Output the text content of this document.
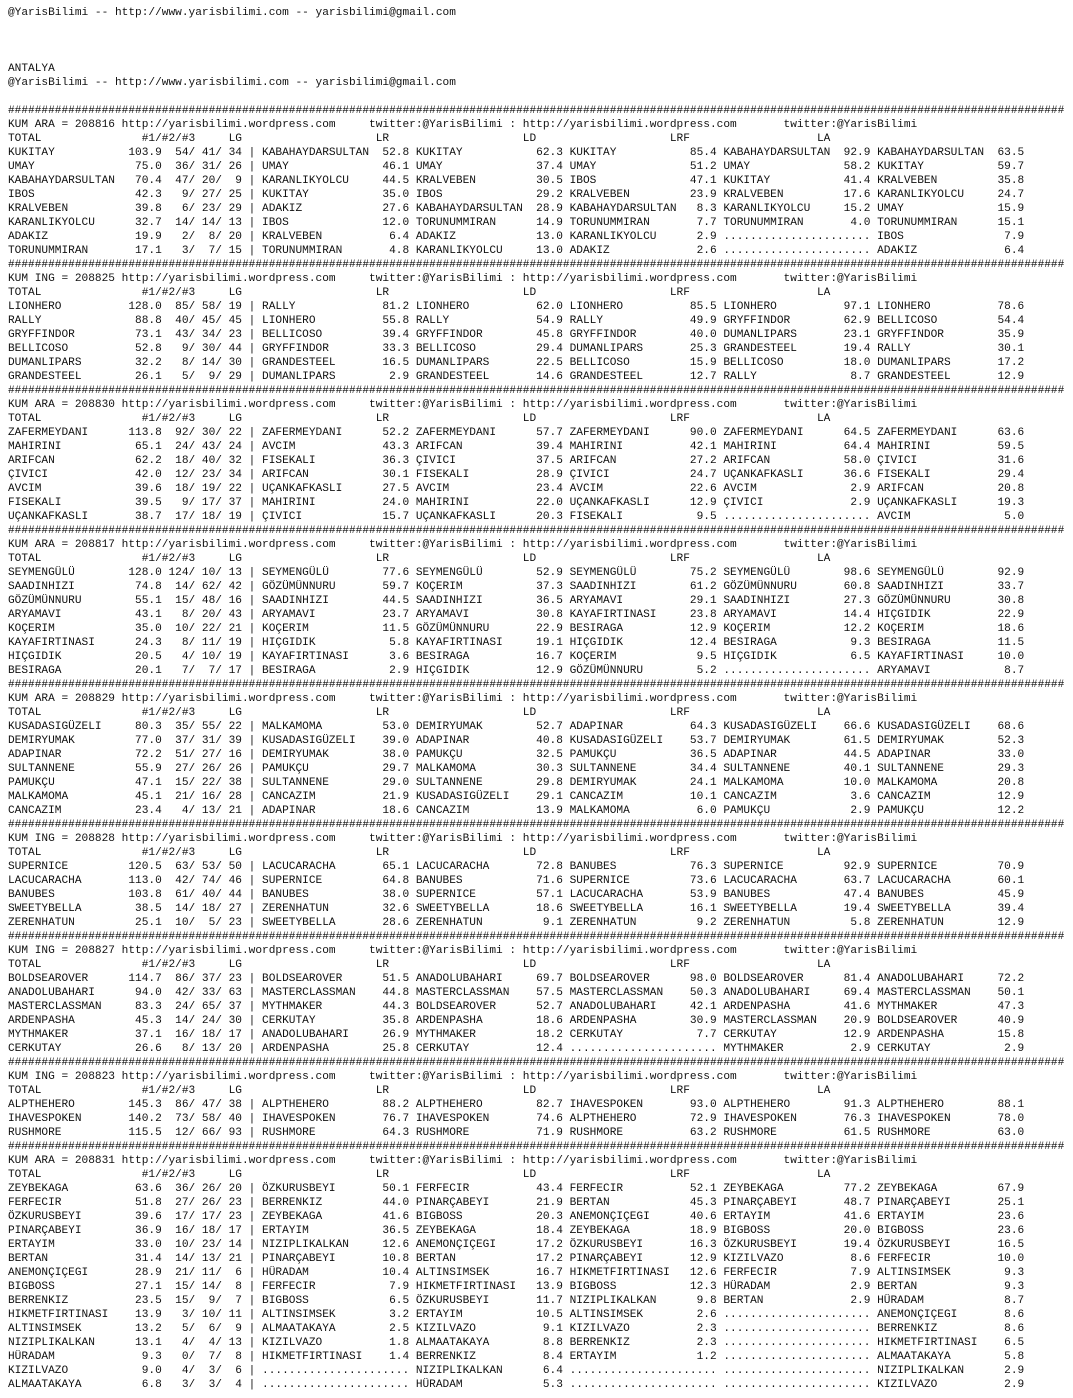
@YarisBilimi -- http://www.yarisbilimi.com -- yarisbilimi@gmail.com

ANTALYA
@YarisBilimi -- http://www.yarisbilimi.com -- yarisbilimi@gmail.com

##############################################################################################################################################################
KUM ARA = 208816 http://yarisbilimi.wordpress.com     twitter:@YarisBilimi : http://yarisbilimi.wordpress.com       twitter:@YarisBilimi
TOTAL               #1/#2/#3     LG                    LR                    LD                    LRF                   LA
KUKITAY           103.9  54/ 41/ 34 | KABAHAYDARSULTAN  52.8 KUKITAY           62.3 KUKITAY           85.4 KABAHAYDARSULTAN  92.9 KABAHAYDARSULTAN  63.5
UMAY               75.0  36/ 31/ 26 | UMAY              46.1 UMAY              37.4 UMAY              51.2 UMAY              58.2 KUKITAY           59.7
KABAHAYDARSULTAN   70.4  47/ 20/  9 | KARANLIKYOLCU     44.5 KRALVEBEN         30.5 IBOS              47.1 KUKITAY           41.4 KRALVEBEN         35.8
IBOS               42.3   9/ 27/ 25 | KUKITAY           35.0 IBOS              29.2 KRALVEBEN         23.9 KRALVEBEN         17.6 KARANLIKYOLCU     24.7
KRALVEBEN          39.8   6/ 23/ 29 | ADAKIZ            27.6 KABAHAYDARSULTAN  28.9 KABAHAYDARSULTAN   8.3 KARANLIKYOLCU     15.2 UMAY              15.9
KARANLIKYOLCU      32.7  14/ 14/ 13 | IBOS              12.0 TORUNUMMIRAN      14.9 TORUNUMMIRAN       7.7 TORUNUMMIRAN       4.0 TORUNUMMIRAN      15.1
ADAKIZ             19.9   2/  8/ 20 | KRALVEBEN          6.4 ADAKIZ            13.0 KARANLIKYOLCU      2.9 ...................... IBOS               7.9
TORUNUMMIRAN       17.1   3/  7/ 15 | TORUNUMMIRAN       4.8 KARANLIKYOLCU     13.0 ADAKIZ             2.6 ...................... ADAKIZ             6.4
##############################################################################################################################################################
KUM ING = 208825 http://yarisbilimi.wordpress.com     twitter:@YarisBilimi : http://yarisbilimi.wordpress.com       twitter:@YarisBilimi
TOTAL               #1/#2/#3     LG                    LR                    LD                    LRF                   LA
LIONHERO          128.0  85/ 58/ 19 | RALLY             81.2 LIONHERO          62.0 LIONHERO          85.5 LIONHERO          97.1 LIONHERO          78.6
RALLY              88.8  40/ 45/ 45 | LIONHERO          55.8 RALLY             54.9 RALLY             49.9 GRYFFINDOR        62.9 BELLICOSO         54.4
GRYFFINDOR         73.1  43/ 34/ 23 | BELLICOSO         39.4 GRYFFINDOR        45.8 GRYFFINDOR        40.0 DUMANLIPARS       23.1 GRYFFINDOR        35.9
BELLICOSO          52.8   9/ 30/ 44 | GRYFFINDOR        33.3 BELLICOSO         29.4 DUMANLIPARS       25.3 GRANDESTEEL       19.4 RALLY             30.1
DUMANLIPARS        32.2   8/ 14/ 30 | GRANDESTEEL       16.5 DUMANLIPARS       22.5 BELLICOSO         15.9 BELLICOSO         18.0 DUMANLIPARS       17.2
GRANDESTEEL        26.1   5/  9/ 29 | DUMANLIPARS        2.9 GRANDESTEEL       14.6 GRANDESTEEL       12.7 RALLY              8.7 GRANDESTEEL       12.9
##############################################################################################################################################################
KUM ARA = 208830 http://yarisbilimi.wordpress.com     twitter:@YarisBilimi : http://yarisbilimi.wordpress.com       twitter:@YarisBilimi
TOTAL               #1/#2/#3     LG                    LR                    LD                    LRF                   LA
ZAFERMEYDANI      113.8  92/ 30/ 22 | ZAFERMEYDANI      52.2 ZAFERMEYDANI      57.7 ZAFERMEYDANI      90.0 ZAFERMEYDANI      64.5 ZAFERMEYDANI      63.6
MAHIRINI           65.1  24/ 43/ 24 | AVCIM             43.3 ARIFCAN           39.4 MAHIRINI          42.1 MAHIRINI          64.4 MAHIRINI          59.5
ARIFCAN            62.2  18/ 40/ 32 | FISEKALI          36.3 ÇIVICI            37.5 ARIFCAN           27.2 ARIFCAN           58.0 ÇIVICI            31.6
ÇIVICI             42.0  12/ 23/ 34 | ARIFCAN           30.1 FISEKALI          28.9 ÇIVICI            24.7 UÇANKAFKASLI      36.6 FISEKALI          29.4
AVCIM              39.6  18/ 19/ 22 | UÇANKAFKASLI      27.5 AVCIM             23.4 AVCIM             22.6 AVCIM              2.9 ARIFCAN           20.8
FISEKALI           39.5   9/ 17/ 37 | MAHIRINI          24.0 MAHIRINI          22.0 UÇANKAFKASLI      12.9 ÇIVICI             2.9 UÇANKAFKASLI      19.3
UÇANKAFKASLI       38.7  17/ 18/ 19 | ÇIVICI            15.7 UÇANKAFKASLI      20.3 FISEKALI           9.5 ...................... AVCIM              5.0
##############################################################################################################################################################
KUM ARA = 208817 http://yarisbilimi.wordpress.com     twitter:@YarisBilimi : http://yarisbilimi.wordpress.com       twitter:@YarisBilimi
TOTAL               #1/#2/#3     LG                    LR                    LD                    LRF                   LA
SEYMENGÜLÜ        128.0 124/ 10/ 13 | SEYMENGÜLÜ        77.6 SEYMENGÜLÜ        52.9 SEYMENGÜLÜ        75.2 SEYMENGÜLÜ        98.6 SEYMENGÜLÜ        92.9
SAADINHIZI         74.8  14/ 62/ 42 | GÖZÜMÜNNURU       59.7 KOÇERIM           37.3 SAADINHIZI        61.2 GÖZÜMÜNNURU       60.8 SAADINHIZI        33.7
GÖZÜMÜNNURU        55.1  15/ 48/ 16 | SAADINHIZI        44.5 SAADINHIZI        36.5 ARYAMAVI          29.1 SAADINHIZI        27.3 GÖZÜMÜNNURU       30.8
ARYAMAVI           43.1   8/ 20/ 43 | ARYAMAVI          23.7 ARYAMAVI          30.8 KAYAFIRTINASI     23.8 ARYAMAVI          14.4 HIÇGIDIK          22.9
KOÇERIM            35.0  10/ 22/ 21 | KOÇERIM           11.5 GÖZÜMÜNNURU       22.9 BESIRAGA          12.9 KOÇERIM           12.2 KOÇERIM           18.6
KAYAFIRTINASI      24.3   8/ 11/ 19 | HIÇGIDIK           5.8 KAYAFIRTINASI     19.1 HIÇGIDIK          12.4 BESIRAGA           9.3 BESIRAGA          11.5
HIÇGIDIK           20.5   4/ 10/ 19 | KAYAFIRTINASI      3.6 BESIRAGA          16.7 KOÇERIM            9.5 HIÇGIDIK           6.5 KAYAFIRTINASI     10.0
BESIRAGA           20.1   7/  7/ 17 | BESIRAGA           2.9 HIÇGIDIK          12.9 GÖZÜMÜNNURU        5.2 ...................... ARYAMAVI           8.7
##############################################################################################################################################################
KUM ARA = 208829 http://yarisbilimi.wordpress.com     twitter:@YarisBilimi : http://yarisbilimi.wordpress.com       twitter:@YarisBilimi
TOTAL               #1/#2/#3     LG                    LR                    LD                    LRF                   LA
KUSADASIGÜZELI     80.3  35/ 55/ 22 | MALKAMOMA         53.0 DEMIRYUMAK        52.7 ADAPINAR          64.3 KUSADASIGÜZELI    66.6 KUSADASIGÜZELI    68.6
DEMIRYUMAK         77.0  37/ 31/ 39 | KUSADASIGÜZELI    39.0 ADAPINAR          40.8 KUSADASIGÜZELI    53.7 DEMIRYUMAK        61.5 DEMIRYUMAK        52.3
ADAPINAR           72.2  51/ 27/ 16 | DEMIRYUMAK        38.0 PAMUKÇU           32.5 PAMUKÇU           36.5 ADAPINAR          44.5 ADAPINAR          33.0
SULTANNENE         55.9  27/ 26/ 26 | PAMUKÇU           29.7 MALKAMOMA         30.3 SULTANNENE        34.4 SULTANNENE        40.1 SULTANNENE        29.3
PAMUKÇU            47.1  15/ 22/ 38 | SULTANNENE        29.0 SULTANNENE        29.8 DEMIRYUMAK        24.1 MALKAMOMA         10.0 MALKAMOMA         20.8
MALKAMOMA          45.1  21/ 16/ 28 | CANCAZIM          21.9 KUSADASIGÜZELI    29.1 CANCAZIM          10.1 CANCAZIM           3.6 CANCAZIM          12.9
CANCAZIM           23.4   4/ 13/ 21 | ADAPINAR          18.6 CANCAZIM          13.9 MALKAMOMA          6.0 PAMUKÇU            2.9 PAMUKÇU           12.2
##############################################################################################################################################################
KUM ING = 208828 http://yarisbilimi.wordpress.com     twitter:@YarisBilimi : http://yarisbilimi.wordpress.com       twitter:@YarisBilimi
TOTAL               #1/#2/#3     LG                    LR                    LD                    LRF                   LA
SUPERNICE         120.5  63/ 53/ 50 | LACUCARACHA       65.1 LACUCARACHA       72.8 BANUBES           76.3 SUPERNICE         92.9 SUPERNICE         70.9
LACUCARACHA       113.0  42/ 74/ 46 | SUPERNICE         64.8 BANUBES           71.6 SUPERNICE         73.6 LACUCARACHA       63.7 LACUCARACHA       60.1
BANUBES           103.8  61/ 40/ 44 | BANUBES           38.0 SUPERNICE         57.1 LACUCARACHA       53.9 BANUBES           47.4 BANUBES           45.9
SWEETYBELLA        38.5  14/ 18/ 27 | ZERENHATUN        32.6 SWEETYBELLA       18.6 SWEETYBELLA       16.1 SWEETYBELLA       19.4 SWEETYBELLA       39.4
ZERENHATUN         25.1  10/  5/ 23 | SWEETYBELLA       28.6 ZERENHATUN         9.1 ZERENHATUN         9.2 ZERENHATUN         5.8 ZERENHATUN        12.9
##############################################################################################################################################################
KUM ING = 208827 http://yarisbilimi.wordpress.com     twitter:@YarisBilimi : http://yarisbilimi.wordpress.com       twitter:@YarisBilimi
TOTAL               #1/#2/#3     LG                    LR                    LD                    LRF                   LA
BOLDSEAROVER      114.7  86/ 37/ 23 | BOLDSEAROVER      51.5 ANADOLUBAHARI     69.7 BOLDSEAROVER      98.0 BOLDSEAROVER      81.4 ANADOLUBAHARI     72.2
ANADOLUBAHARI      94.0  42/ 33/ 63 | MASTERCLASSMAN    44.8 MASTERCLASSMAN    57.5 MASTERCLASSMAN    50.3 ANADOLUBAHARI     69.4 MASTERCLASSMAN    50.1
MASTERCLASSMAN     83.3  24/ 65/ 37 | MYTHMAKER         44.3 BOLDSEAROVER      52.7 ANADOLUBAHARI     42.1 ARDENPASHA        41.6 MYTHMAKER         47.3
ARDENPASHA         45.3  14/ 24/ 30 | CERKUTAY          35.8 ARDENPASHA        18.6 ARDENPASHA        30.9 MASTERCLASSMAN    20.9 BOLDSEAROVER      40.9
MYTHMAKER          37.1  16/ 18/ 17 | ANADOLUBAHARI     26.9 MYTHMAKER         18.2 CERKUTAY           7.7 CERKUTAY          12.9 ARDENPASHA        15.8
CERKUTAY           26.6   8/ 13/ 20 | ARDENPASHA        25.8 CERKUTAY          12.4 ...................... MYTHMAKER          2.9 CERKUTAY           2.9
##############################################################################################################################################################
KUM ING = 208823 http://yarisbilimi.wordpress.com     twitter:@YarisBilimi : http://yarisbilimi.wordpress.com       twitter:@YarisBilimi
TOTAL               #1/#2/#3     LG                    LR                    LD                    LRF                   LA
ALPTHEHERO        145.3  86/ 47/ 38 | ALPTHEHERO        88.2 ALPTHEHERO        82.7 IHAVESPOKEN       93.0 ALPTHEHERO        91.3 ALPTHEHERO        88.1
IHAVESPOKEN       140.2  73/ 58/ 40 | IHAVESPOKEN       76.7 IHAVESPOKEN       74.6 ALPTHEHERO        72.9 IHAVESPOKEN       76.3 IHAVESPOKEN       78.0
RUSHMORE          115.5  12/ 66/ 93 | RUSHMORE          64.3 RUSHMORE          71.9 RUSHMORE          63.2 RUSHMORE          61.5 RUSHMORE          63.0
##############################################################################################################################################################
KUM ARA = 208831 http://yarisbilimi.wordpress.com     twitter:@YarisBilimi : http://yarisbilimi.wordpress.com       twitter:@YarisBilimi
TOTAL               #1/#2/#3     LG                    LR                    LD                    LRF                   LA
ZEYBEKAGA          63.6  36/ 26/ 20 | ÖZKURUSBEYI       50.1 FERFECIR          43.4 FERFECIR          52.1 ZEYBEKAGA         77.2 ZEYBEKAGA         67.9
FERFECIR           51.8  27/ 26/ 23 | BERRENKIZ         44.0 PINARÇABEYI       21.9 BERTAN            45.3 PINARÇABEYI       48.7 PINARÇABEYI       25.1
ÖZKURUSBEYI        39.6  17/ 17/ 23 | ZEYBEKAGA         41.6 BIGBOSS           20.3 ANEMONÇIÇEGI      40.6 ERTAYIM           41.6 ERTAYIM           23.6
PINARÇABEYI        36.9  16/ 18/ 17 | ERTAYIM           36.5 ZEYBEKAGA         18.4 ZEYBEKAGA         18.9 BIGBOSS           20.0 BIGBOSS           23.6
ERTAYIM            33.0  10/ 23/ 14 | NIZIPLIKALKAN     12.6 ANEMONÇIÇEGI      17.2 ÖZKURUSBEYI       16.3 ÖZKURUSBEYI       19.4 ÖZKURUSBEYI       16.5
BERTAN             31.4  14/ 13/ 21 | PINARÇABEYI       10.8 BERTAN            17.2 PINARÇABEYI       12.9 KIZILVAZO          8.6 FERFECIR          10.0
ANEMONÇIÇEGI       28.9  21/ 11/  6 | HÜRADAM           10.4 ALTINSIMSEK       16.7 HIKMETFIRTINASI   12.6 FERFECIR           7.9 ALTINSIMSEK        9.3
BIGBOSS            27.1  15/ 14/  8 | FERFECIR           7.9 HIKMETFIRTINASI   13.9 BIGBOSS           12.3 HÜRADAM            2.9 BERTAN             9.3
BERRENKIZ          23.5  15/  9/  7 | BIGBOSS            6.5 ÖZKURUSBEYI       11.7 NIZIPLIKALKAN      9.8 BERTAN             2.9 HÜRADAM            8.7
HIKMETFIRTINASI    13.9   3/ 10/ 11 | ALTINSIMSEK        3.2 ERTAYIM           10.5 ALTINSIMSEK        2.6 ...................... ANEMONÇIÇEGI       8.6
ALTINSIMSEK        13.2   5/  6/  9 | ALMAATAKAYA        2.5 KIZILVAZO          9.1 KIZILVAZO          2.3 ...................... BERRENKIZ          8.6
NIZIPLIKALKAN      13.1   4/  4/ 13 | KIZILVAZO          1.8 ALMAATAKAYA        8.8 BERRENKIZ          2.3 ...................... HIKMETFIRTINASI    6.5
HÜRADAM             9.3   0/  7/  8 | HIKMETFIRTINASI    1.4 BERRENKIZ          8.4 ERTAYIM            1.2 ...................... ALMAATAKAYA        5.8
KIZILVAZO           9.0   4/  3/  6 | ...................... NIZIPLIKALKAN      6.4 ...................... ...................... NIZIPLIKALKAN      2.9
ALMAATAKAYA         6.8   3/  3/  4 | ...................... HÜRADAM            5.3 ...................... ...................... KIZILVAZO          2.9
